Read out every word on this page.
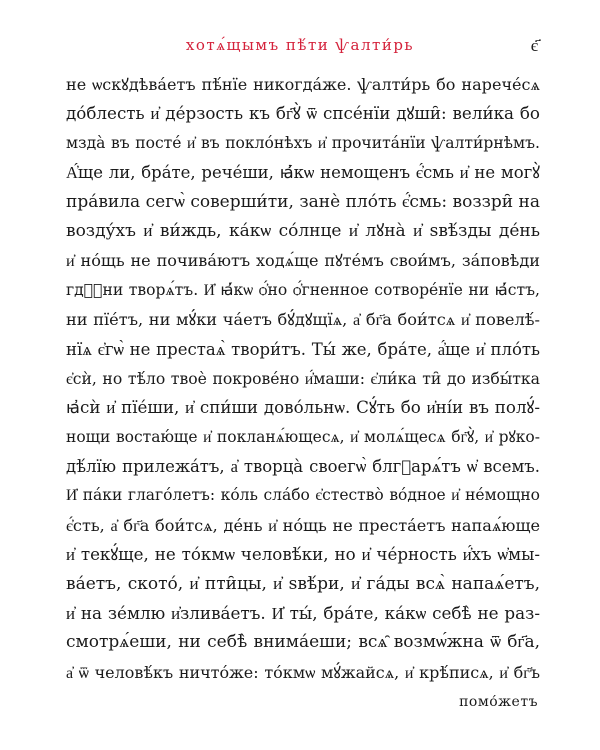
хотѧ́щымъ пѣ́ти ѱалти́рь	є҃
не ѡскꙋдѣва́етъ пѣ́нїе никогда́же. ѱалти́рь бо нарече́сѧ
до́блесть и҆ де́рзость къ бг҃ꙋ̀ ѿ спсе́нїи дꙋши̑: вели́ка бо
мзда̀ въ посте́ и҆ въ покло́нѣхъ и҆ прочита́нїи ѱалти́рнѣмъ.
А҆́ще ли, бра́те, рече́ши, ꙗ҆́кѡ немощенъ є҆́смь и҆ не могꙋ̀
пра́вила сегѡ̀ соверши́ти, занѐ пло́ть є҆́смь: воззри̑ на
возду́хъ и҆ ви́ждь, ка́кѡ со́лнце и҆ лꙋна̀ и҆ ѕвѣ́зды де́нь
и҆ но́щь не почива́ютъ ходѧ́ще пꙋте́мъ свои́мъ, за́повѣди
гдⷭ҇ни творѧ́тъ. И҆ ꙗ҆́кѡ ѻ҆́но ѻ҆́гненное сотворе́нїе ни ꙗ҆́стъ,
ни пїе́тъ, ни мꙋ́ки ча́етъ бꙋ́дꙋщїѧ, а҆ бг҃а бои́тсѧ и҆ повелѣ́-
нїѧ є҆гѡ̀ не престаѧ̀ твори́тъ. Ты́ же, бра́те, а҆́ще и҆ пло́ть
є҆сѝ, но тѣ́ло твоѐ покрове́но и҆́маши: є҆ли́ка ти̑ до избы́тка
ꙗ҆сѝ и҆ пїе́ши, и҆ спи́ши дово́льнѡ. Сꙋ́ть бо и҆ні́и въ полꙋ́-
нощи востаю́ще и҆ покланѧ́ющесѧ, и҆ молѧ́щесѧ бг҃ꙋ̀, и҆ рꙋко-
дѣ́лїю прилежа́тъ, а҆ творца̀ своегѡ̀ блгⷣарѧ́тъ ѡ҆ всемъ.
И҆ па́ки глаго́летъ: ко́ль сла́бо є҆стество̀ во́дное и҆ не́мощно
є҆́сть, а҆ бг҃а бои́тсѧ, де́нь и҆ но́щь не преста́етъ напаѧ́юще
и҆ текꙋ́ще, не то́кмѡ человѣ́ки, но и҆ че́рность и҆́хъ ѡ҆мы-
ва́етъ, ското́, и҆ пти̑цы, и҆ ѕвѣ́ри, и҆ га́ды всѧ̀ напаѧ́етъ,
и҆ на зе́млю и҆злива́етъ. И҆ ты́, бра́те, ка́кѡ себѣ̀ не раз-
смотрѧ́еши, ни себѣ̀ внима́еши; всѧ̑ возмѡ́жна ѿ бг҃а,
а҆ ѿ человѣ́къ ничто́же: то́кмѡ мꙋ́жайсѧ, и҆ крѣ́писѧ, и҆ бг҃ъ
помо́жетъ
